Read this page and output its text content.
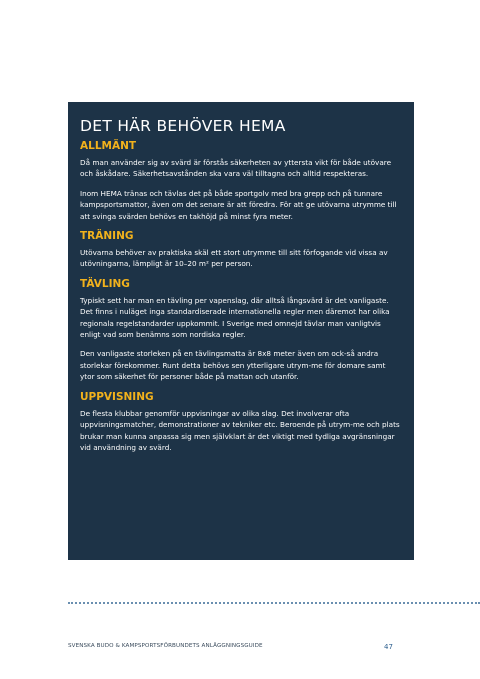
DET HÄR BEHÖVER HEMA
ALLMÄNT

Då man använder sig av svärd är förstås säkerheten av yttersta vikt för både utövare och åskådare. Säkerhetsavstånden ska vara väl tilltagna och alltid respekteras.

Inom HEMA tränas och tävlas det på både sportgolv med bra grepp och på tunnare kampsportsmattor, även om det senare är att föredra. För att ge utövarna utrymme till att svinga svärden behövs en takhöjd på minst fyra meter.

TRÄNING

Utövarna behöver av praktiska skäl ett stort utrymme till sitt förfogande vid vissa av utövningarna, lämpligt är 10–20 m² per person.

TÄVLING

Typiskt sett har man en tävling per vapenslag, där alltså långsvärd är det vanligaste. Det finns i nuläget inga standardiserade internationella regler men däremot har olika regionala regelstandarder uppkommit. I Sverige med omnejd tävlar man vanligtvis enligt vad som benämns som nordiska regler.

Den vanligaste storleken på en tävlingsmatta är 8x8 meter även om ock-så andra storlekar förekommer. Runt detta behövs sen ytterligare utrym-me för domare samt ytor som säkerhet för personer både på mattan och utanför.

UPPVISNING

De flesta klubbar genomför uppvisningar av olika slag. Det involverar ofta uppvisningsmatcher, demonstrationer av tekniker etc. Beroende på utrym-me och plats brukar man kunna anpassa sig men självklart är det viktigt med tydliga avgränsningar vid användning av svärd.

SVENSKA BUDO & KAMPSPORTSFÖRBUNDETS ANLÄGGNINGSGUIDE	47
